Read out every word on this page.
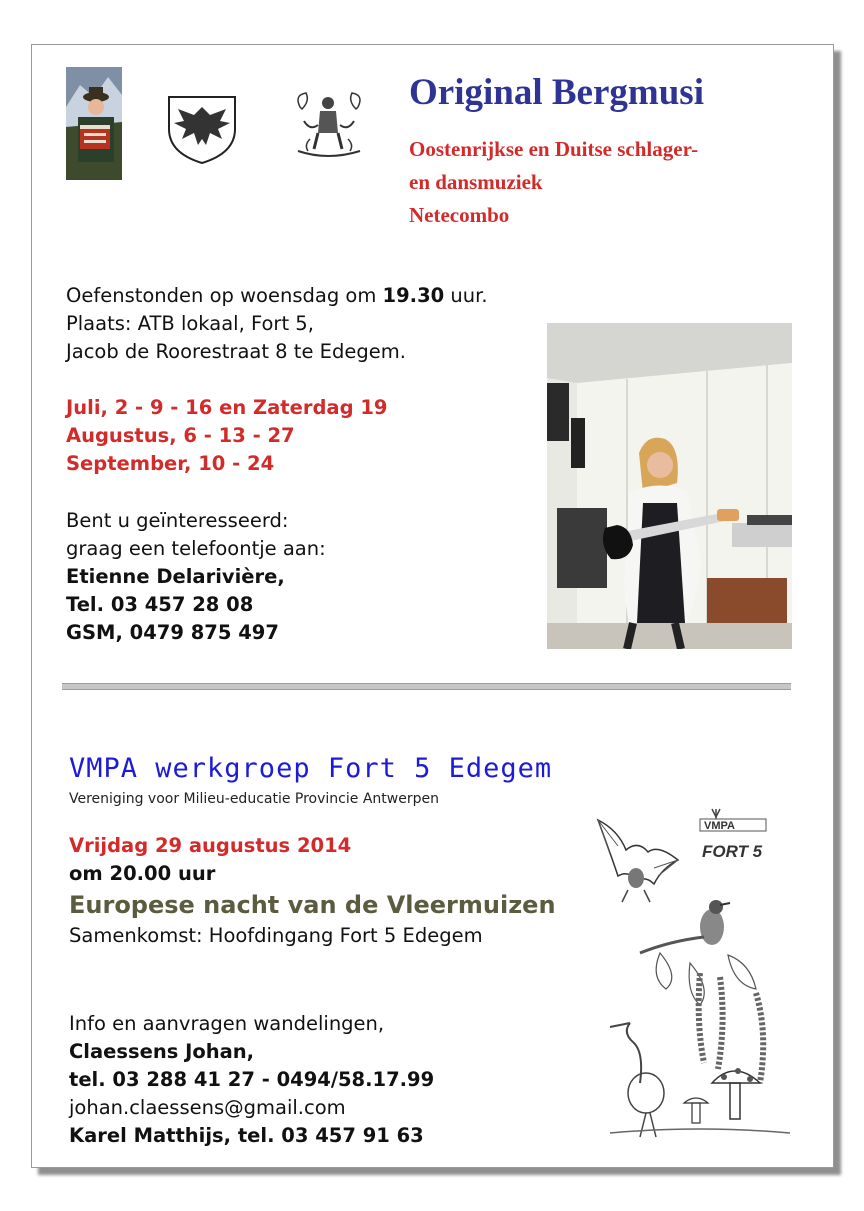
Original Bergmusi
Oostenrijkse en Duitse schlager-
en dansmuziek
Netecombo
Oefenstonden op woensdag om 19.30 uur.
Plaats: ATB lokaal, Fort 5,
Jacob de Roorestraat 8 te Edegem.
Juli, 2 - 9 - 16 en Zaterdag 19
Augustus, 6 - 13 - 27
September, 10 - 24
Bent u geïnteresseerd:
graag een telefoontje aan:
Etienne Delarivière,
Tel. 03 457 28 08
GSM, 0479 875 497
VMPA werkgroep Fort 5 Edegem
Vereniging voor Milieu-educatie Provincie Antwerpen
Vrijdag 29 augustus 2014
om 20.00 uur
Europese nacht van de Vleermuizen
Samenkomst: Hoofdingang Fort 5 Edegem
Info en aanvragen wandelingen,
Claessens Johan,
tel. 03 288 41 27 - 0494/58.17.99
johan.claessens@gmail.com
Karel Matthijs, tel. 03 457 91 63
VMPA
FORT 5
